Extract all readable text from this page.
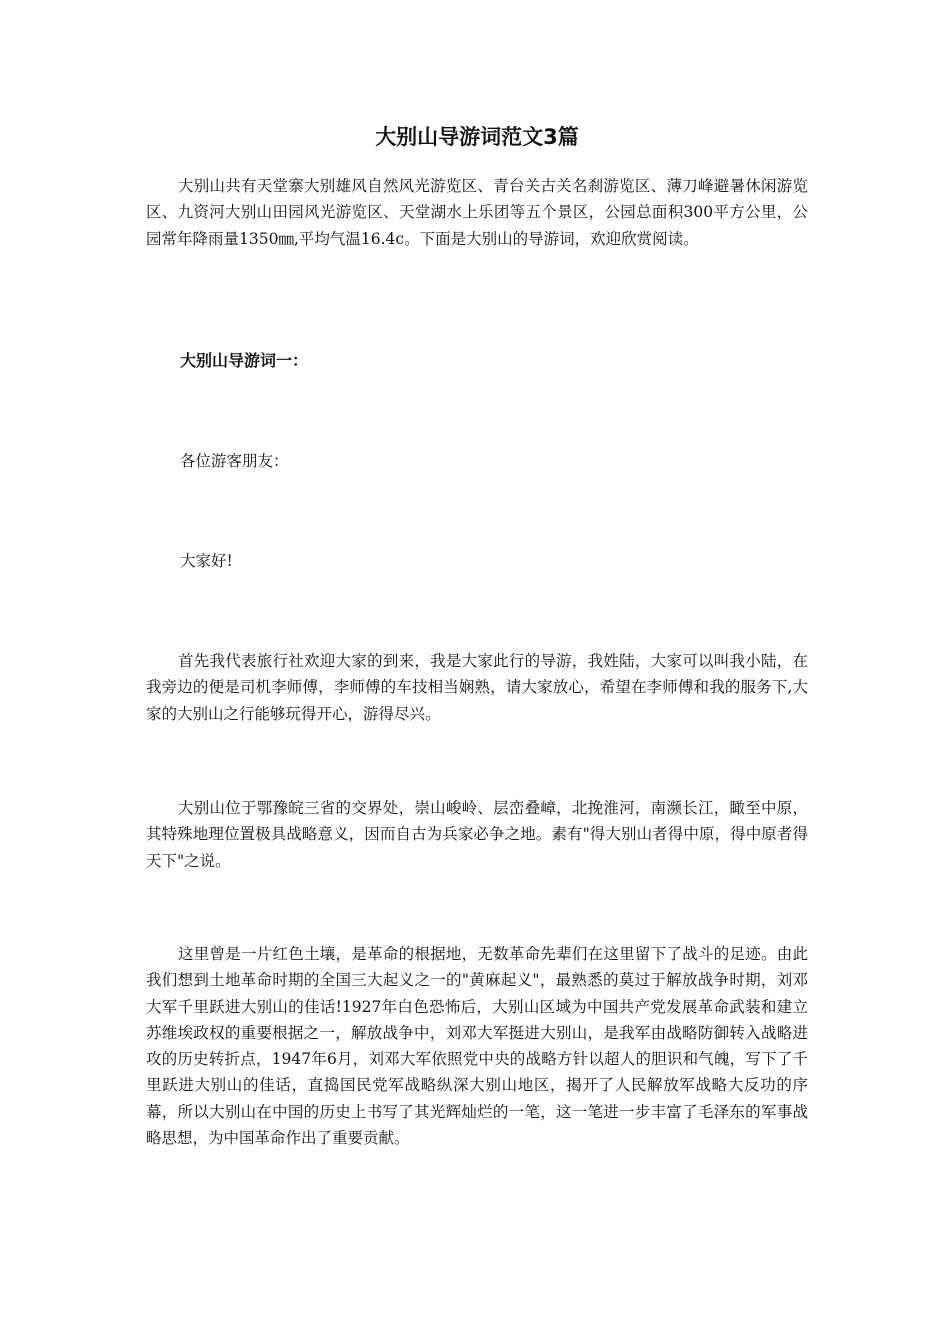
大别山导游词范文3篇

大别山共有天堂寨大别雄风自然风光游览区、青台关古关名刹游览区、薄刀峰避暑休闲游览区、九资河大别山田园风光游览区、天堂湖水上乐团等五个景区，公园总面积300平方公里，公园常年降雨量1350㎜,平均气温16.4c。下面是大别山的导游词，欢迎欣赏阅读。

大别山导游词一：
各位游客朋友：
大家好!

首先我代表旅行社欢迎大家的到来，我是大家此行的导游，我姓陆，大家可以叫我小陆，在我旁边的便是司机李师傅，李师傅的车技相当娴熟，请大家放心，希望在李师傅和我的服务下,大家的大别山之行能够玩得开心，游得尽兴。

大别山位于鄂豫皖三省的交界处，崇山峻岭、层峦叠嶂，北挽淮河，南濒长江，瞰至中原，其特殊地理位置极具战略意义，因而自古为兵家必争之地。素有"得大别山者得中原，得中原者得天下"之说。

这里曾是一片红色土壤，是革命的根据地，无数革命先辈们在这里留下了战斗的足迹。由此我们想到土地革命时期的全国三大起义之一的"黄麻起义"，最熟悉的莫过于解放战争时期，刘邓大军千里跃进大别山的佳话!1927年白色恐怖后，大别山区域为中国共产党发展革命武装和建立苏维埃政权的重要根据之一，解放战争中，刘邓大军挺进大别山，是我军由战略防御转入战略进攻的历史转折点，1947年6月，刘邓大军依照党中央的战略方针以超人的胆识和气魄，写下了千里跃进大别山的佳话，直捣国民党军战略纵深大别山地区，揭开了人民解放军战略大反功的序幕，所以大别山在中国的历史上书写了其光辉灿烂的一笔，这一笔进一步丰富了毛泽东的军事战略思想，为中国革命作出了重要贡献。
